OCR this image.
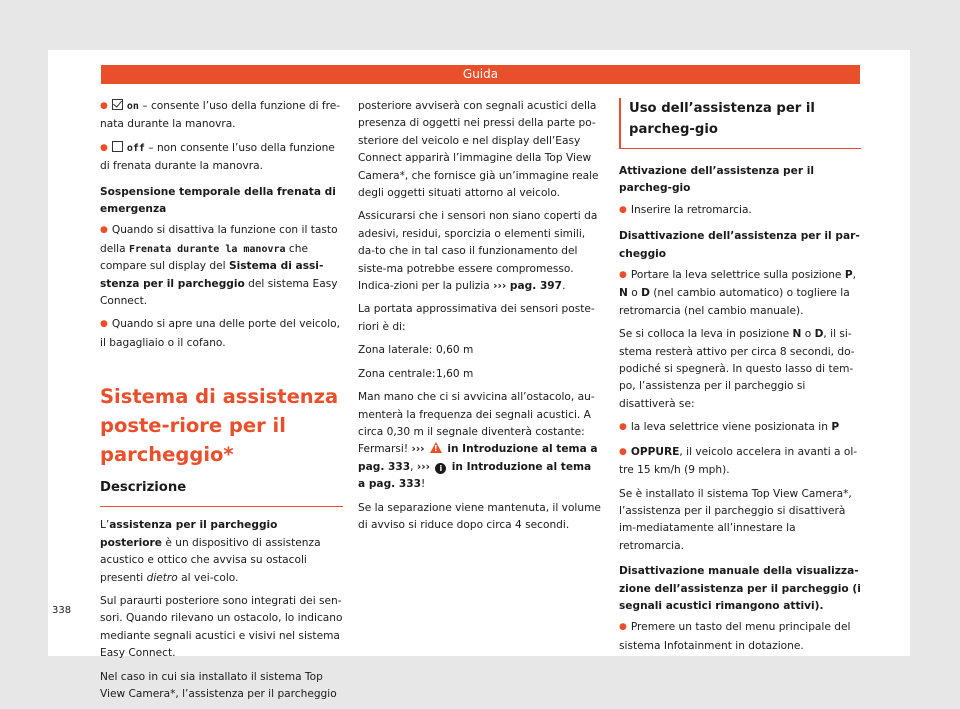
Guida

● on – consente l’uso della funzione di fre-nata durante la manovra.

● off – non consente l’uso della funzione di frenata durante la manovra.

Sospensione temporale della frenata di emergenza

● Quando si disattiva la funzione con il tasto della Frenata durante la manovra che compare sul display del Sistema di assi-stenza per il parcheggio del sistema Easy Connect.

● Quando si apre una delle porte del veicolo, il bagagliaio o il cofano.

Sistema di assistenza poste-riore per il parcheggio*
Descrizione

L’assistenza per il parcheggio posteriore è un dispositivo di assistenza acustico e ottico che avvisa su ostacoli presenti dietro al vei-colo.

Sul paraurti posteriore sono integrati dei sen-sori. Quando rilevano un ostacolo, lo indicano mediante segnali acustici e visivi nel sistema Easy Connect.

Nel caso in cui sia installato il sistema Top View Camera*, l’assistenza per il parcheggio

posteriore avviserà con segnali acustici della presenza di oggetti nei pressi della parte po-steriore del veicolo e nel display dell’Easy Connect apparirà l’immagine della Top View Camera*, che fornisce già un’immagine reale degli oggetti situati attorno al veicolo.

Assicurarsi che i sensori non siano coperti da adesivi, residui, sporcizia o elementi simili, da-to che in tal caso il funzionamento del siste-ma potrebbe essere compromesso. Indica-zioni per la pulizia ››› pag. 397.

La portata approssimativa dei sensori poste-riori è di:

Zona laterale: 0,60 m

Zona centrale:1,60 m

Man mano che ci si avvicina all’ostacolo, au-menterà la frequenza dei segnali acustici. A circa 0,30 m il segnale diventerà costante: Fermarsi! ››› ! in Introduzione al tema a pag. 333, ››› i in Introduzione al tema a pag. 333!

Se la separazione viene mantenuta, il volume di avviso si riduce dopo circa 4 secondi.

Uso dell’assistenza per il parcheg-gio
Attivazione dell’assistenza per il parcheg-gio

● Inserire la retromarcia.

Disattivazione dell’assistenza per il par-cheggio

● Portare la leva selettrice sulla posizione P, N o D (nel cambio automatico) o togliere la retromarcia (nel cambio manuale).

Se si colloca la leva in posizione N o D, il si-stema resterà attivo per circa 8 secondi, do-podiché si spegnerà. In questo lasso di tem-po, l’assistenza per il parcheggio si disattiverà se:

● la leva selettrice viene posizionata in P

● OPPURE, il veicolo accelera in avanti a ol-tre 15 km/h (9 mph).

Se è installato il sistema Top View Camera*, l’assistenza per il parcheggio si disattiverà im-mediatamente all’innestare la retromarcia.

Disattivazione manuale della visualizza-zione dell’assistenza per il parcheggio (i segnali acustici rimangono attivi).

● Premere un tasto del menu principale del sistema Infotainment in dotazione.

338
